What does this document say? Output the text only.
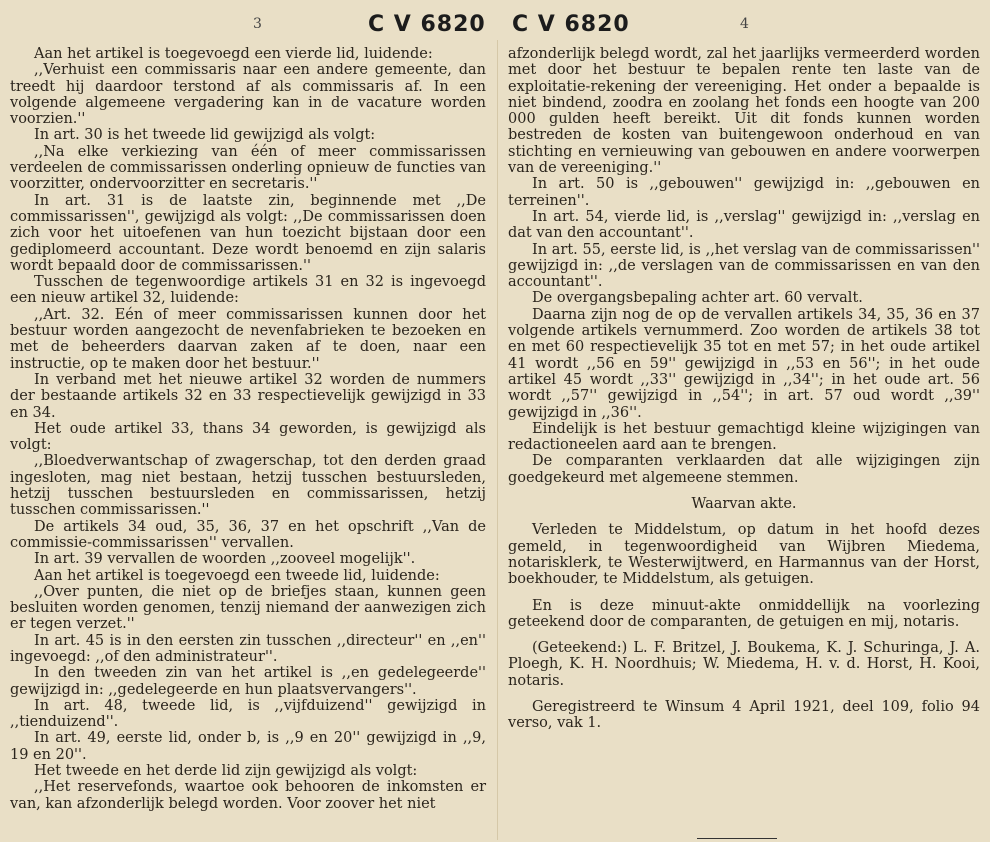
3	C V 6820 C V 6820	4

Aan het artikel is toegevoegd een vierde lid, luidende:

,,Verhuist een commissaris naar een andere gemeente, dan treedt hij daardoor terstond af als commissaris af. In een volgende algemeene vergadering kan in de vacature worden voorzien.''

In art. 30 is het tweede lid gewijzigd als volgt:

,,Na elke verkiezing van één of meer commissarissen verdeelen de commissarissen onderling opnieuw de functies van voorzitter, ondervoorzitter en secretaris.''

In art. 31 is de laatste zin, beginnende met ,,De commissarissen'', gewijzigd als volgt: ,,De commissarissen doen zich voor het uitoefenen van hun toezicht bijstaan door een gediplomeerd accountant. Deze wordt benoemd en zijn salaris wordt bepaald door de commissarissen.''

Tusschen de tegenwoordige artikels 31 en 32 is ingevoegd een nieuw artikel 32, luidende:

,,Art. 32. Eén of meer commissarissen kunnen door het bestuur worden aangezocht de nevenfabrieken te bezoeken en met de beheerders daarvan zaken af te doen, naar een instructie, op te maken door het bestuur.''

In verband met het nieuwe artikel 32 worden de nummers der bestaande artikels 32 en 33 respectievelijk gewijzigd in 33 en 34.

Het oude artikel 33, thans 34 geworden, is gewijzigd als volgt:

,,Bloedverwantschap of zwagerschap, tot den derden graad ingesloten, mag niet bestaan, hetzij tusschen bestuursleden, hetzij tusschen bestuursleden en commissarissen, hetzij tusschen commissarissen.''

De artikels 34 oud, 35, 36, 37 en het opschrift ,,Van de commissie-commissarissen'' vervallen.

In art. 39 vervallen de woorden ,,zooveel mogelijk''.

Aan het artikel is toegevoegd een tweede lid, luidende:

,,Over punten, die niet op de briefjes staan, kunnen geen besluiten worden genomen, tenzij niemand der aanwezigen zich er tegen verzet.''

In art. 45 is in den eersten zin tusschen ,,directeur'' en ,,en'' ingevoegd: ,,of den administrateur''.

In den tweeden zin van het artikel is ,,en gedelegeerde'' gewijzigd in: ,,gedelegeerde en hun plaatsvervangers''.

In art. 48, tweede lid, is ,,vijfduizend'' gewijzigd in ,,tienduizend''.

In art. 49, eerste lid, onder b, is ,,9 en 20'' gewijzigd in ,,9, 19 en 20''.

Het tweede en het derde lid zijn gewijzigd als volgt:

,,Het reservefonds, waartoe ook behooren de inkomsten er van, kan afzonderlijk belegd worden. Voor zoover het niet

afzonderlijk belegd wordt, zal het jaarlijks vermeerderd worden met door het bestuur te bepalen rente ten laste van de exploitatie-rekening der vereeniging. Het onder a bepaalde is niet bindend, zoodra en zoolang het fonds een hoogte van 200 000 gulden heeft bereikt. Uit dit fonds kunnen worden bestreden de kosten van buitengewoon onderhoud en van stichting en vernieuwing van gebouwen en andere voorwerpen van de vereeniging.''

In art. 50 is ,,gebouwen'' gewijzigd in: ,,gebouwen en terreinen''.

In art. 54, vierde lid, is ,,verslag'' gewijzigd in: ,,verslag en dat van den accountant''.

In art. 55, eerste lid, is ,,het verslag van de commissarissen'' gewijzigd in: ,,de verslagen van de commissarissen en van den accountant''.

De overgangsbepaling achter art. 60 vervalt.

Daarna zijn nog de op de vervallen artikels 34, 35, 36 en 37 volgende artikels vernummerd. Zoo worden de artikels 38 tot en met 60 respectievelijk 35 tot en met 57; in het oude artikel 41 wordt ,,56 en 59'' gewijzigd in ,,53 en 56''; in het oude artikel 45 wordt ,,33'' gewijzigd in ,,34''; in het oude art. 56 wordt ,,57'' gewijzigd in ,,54''; in art. 57 oud wordt ,,39'' gewijzigd in ,,36''.

Eindelijk is het bestuur gemachtigd kleine wijzigingen van redactioneelen aard aan te brengen.

De comparanten verklaarden dat alle wijzigingen zijn goedgekeurd met algemeene stemmen.

Waarvan akte.

Verleden te Middelstum, op datum in het hoofd dezes gemeld, in tegenwoordigheid van Wijbren Miedema, notarisklerk, te Westerwijtwerd, en Harmannus van der Horst, boekhouder, te Middelstum, als getuigen.

En is deze minuut-akte onmiddellijk na voorlezing geteekend door de comparanten, de getuigen en mij, notaris.

(Geteekend:) L. F. Britzel, J. Boukema, K. J. Schuringa, J. A. Ploegh, K. H. Noordhuis; W. Miedema, H. v. d. Horst, H. Kooi, notaris.

Geregistreerd te Winsum 4 April 1921, deel 109, folio 94 verso, vak 1.
